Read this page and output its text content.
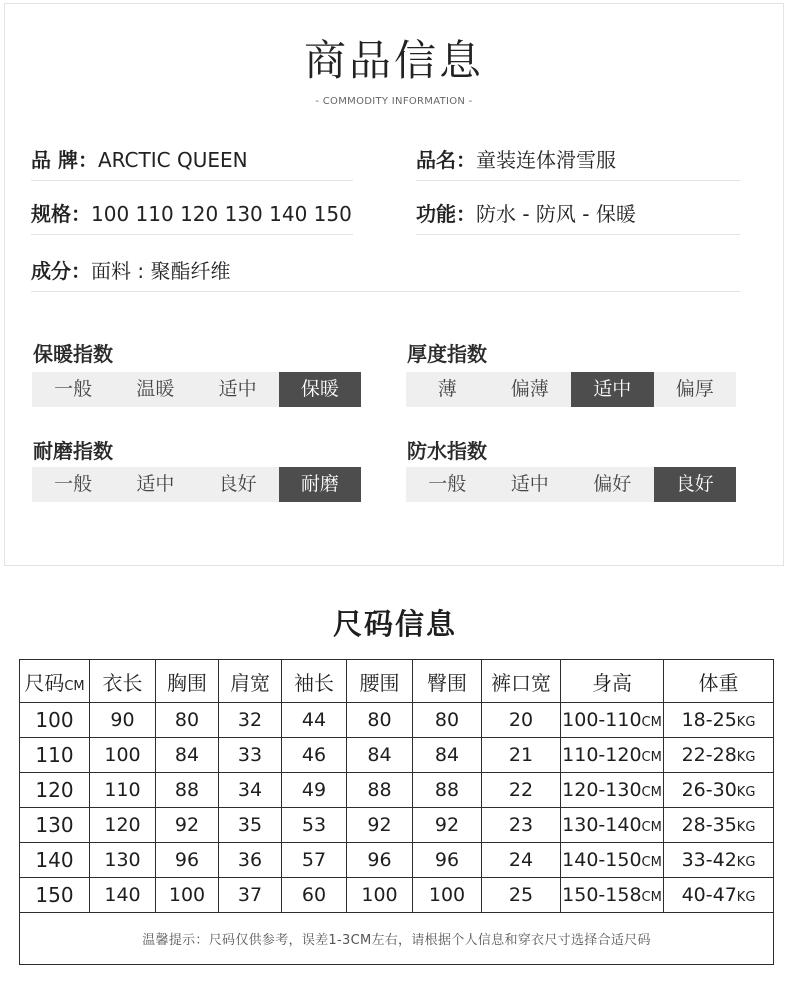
商品信息
- COMMODITY INFORMATION -
品 牌：ARCTIC QUEEN	品名：童装连体滑雪服
规格：100 110 120 130 140 150	功能：防水 - 防风 - 保暖
成分：面料 : 聚酯纤维
保暖指数
一般	温暖	适中	保暖
厚度指数
薄	偏薄	适中	偏厚
耐磨指数
一般	适中	良好	耐磨
防水指数
一般	适中	偏好	良好
尺码信息
尺码CM	衣长	胸围	肩宽	袖长	腰围	臀围	裤口宽	身高	体重
100	90	80	32	44	80	80	20	100-110CM	18-25KG
110	100	84	33	46	84	84	21	110-120CM	22-28KG
120	110	88	34	49	88	88	22	120-130CM	26-30KG
130	120	92	35	53	92	92	23	130-140CM	28-35KG
140	130	96	36	57	96	96	24	140-150CM	33-42KG
150	140	100	37	60	100	100	25	150-158CM	40-47KG
温馨提示：尺码仅供参考，误差1-3CM左右，请根据个人信息和穿衣尺寸选择合适尺码									
